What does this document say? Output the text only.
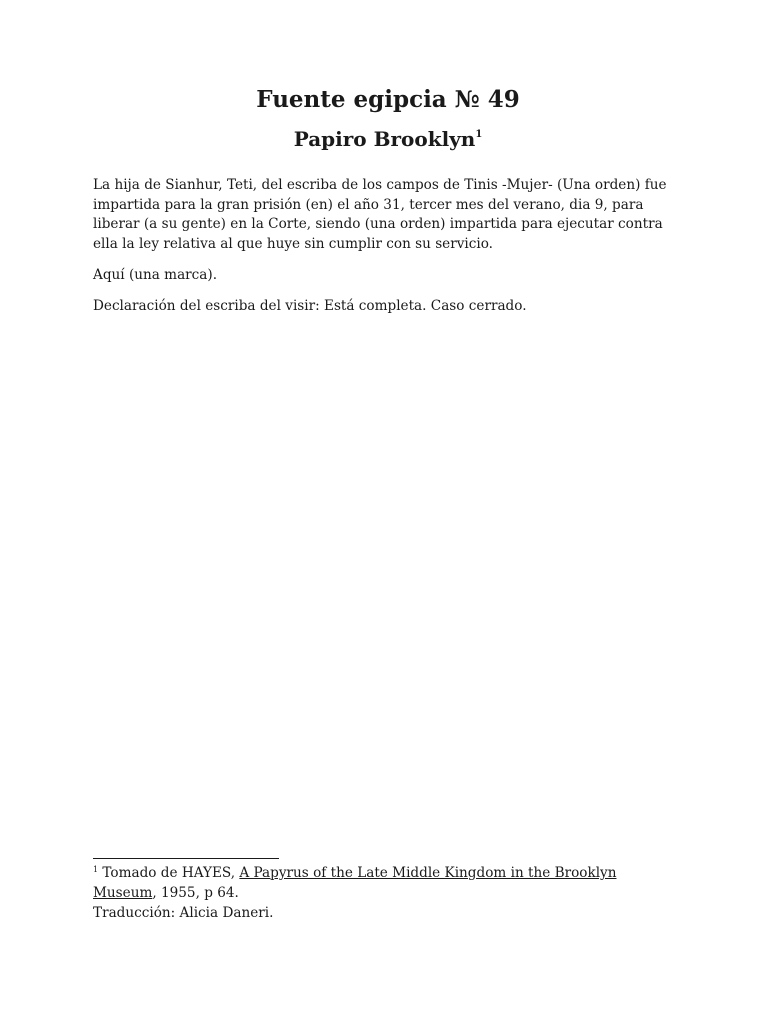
Fuente egipcia № 49
Papiro Brooklyn$^1$

La hija de Sianhur, Teti, del escriba de los campos de Tinis -Mujer- (Una orden) fue impartida para la gran prisión (en) el año 31, tercer mes del verano, dia 9, para liberar (a su gente) en la Corte, siendo (una orden) impartida para ejecutar contra ella la ley relativa al que huye sin cumplir con su servicio.

Aquí (una marca).

Declaración del escriba del visir: Está completa. Caso cerrado.

$^1$ Tomado de HAYES, A Papyrus of the Late Middle Kingdom in the Brooklyn Museum, 1955, p 64.
Traducción: Alicia Daneri.
